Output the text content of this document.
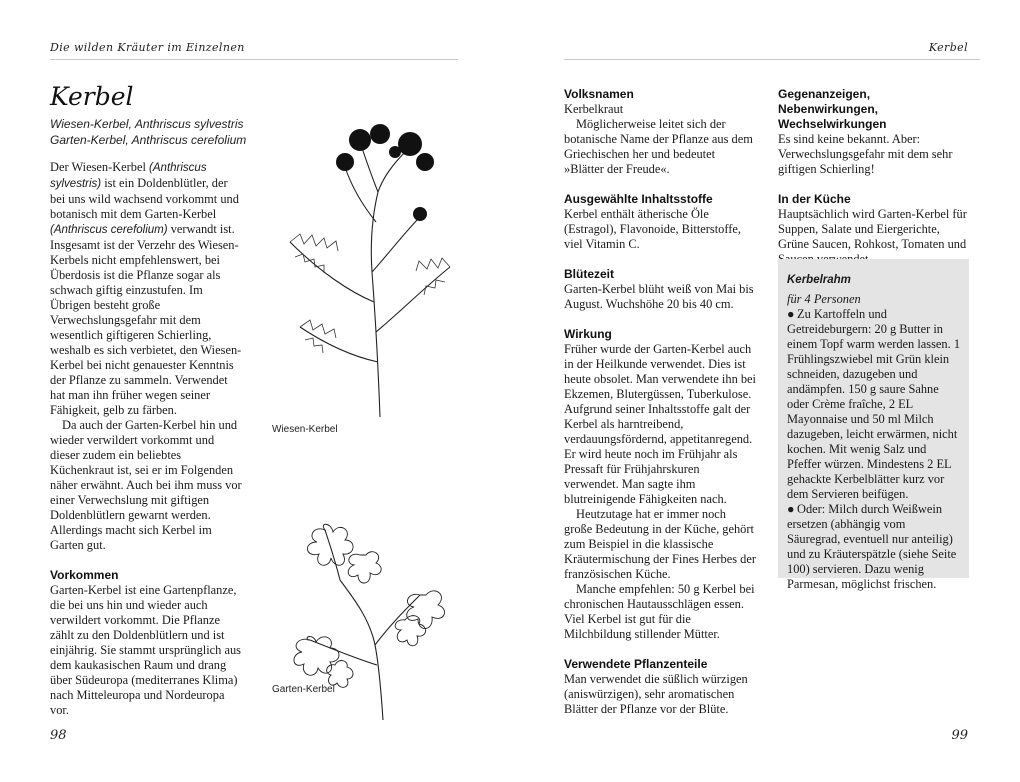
Die wilden Kräuter im Einzelnen
Kerbel
Wiesen-Kerbel, Anthriscus sylvestris
Garten-Kerbel, Anthriscus cerefolium

Der Wiesen-Kerbel (Anthriscus sylvestris) ist ein Doldenblütler, der bei uns wild wachsend vorkommt und botanisch mit dem Garten-Kerbel (Anthriscus cerefolium) verwandt ist. Insgesamt ist der Verzehr des Wiesen-Kerbels nicht empfehlenswert, bei Überdosis ist die Pflanze sogar als schwach giftig einzustufen. Im Übrigen besteht große Verwechslungsgefahr mit dem wesentlich giftigeren Schierling, weshalb es sich verbietet, den Wiesen-Kerbel bei nicht genauester Kenntnis der Pflanze zu sammeln. Verwendet hat man ihn früher wegen seiner Fähigkeit, gelb zu färben.

Da auch der Garten-Kerbel hin und wieder verwildert vorkommt und dieser zudem ein beliebtes Küchenkraut ist, sei er im Folgenden näher erwähnt. Auch bei ihm muss vor einer Verwechslung mit giftigen Doldenblütlern gewarnt werden. Allerdings macht sich Kerbel im Garten gut.

Vorkommen

Garten-Kerbel ist eine Gartenpflanze, die bei uns hin und wieder auch verwildert vorkommt. Die Pflanze zählt zu den Doldenblütlern und ist einjährig. Sie stammt ursprünglich aus dem kaukasischen Raum und drang über Südeuropa (mediterranes Klima) nach Mitteleuropa und Nordeuropa vor.

Wiesen-Kerbel
Garten-Kerbel
98
Kerbel
Volksnamen

Kerbelkraut

Möglicherweise leitet sich der botanische Name der Pflanze aus dem Griechischen her und bedeutet »Blätter der Freude«.

Ausgewählte Inhaltsstoffe

Kerbel enthält ätherische Öle (Estragol), Flavonoide, Bitterstoffe, viel Vitamin C.

Blütezeit

Garten-Kerbel blüht weiß von Mai bis August. Wuchshöhe 20 bis 40 cm.

Wirkung

Früher wurde der Garten-Kerbel auch in der Heilkunde verwendet. Dies ist heute obsolet. Man verwendete ihn bei Ekzemen, Blutergüssen, Tuberkulose. Aufgrund seiner Inhaltsstoffe galt der Kerbel als harntreibend, verdauungsfördernd, appetitanregend. Er wird heute noch im Frühjahr als Pressaft für Frühjahrskuren verwendet. Man sagte ihm blutreinigende Fähigkeiten nach.

Heutzutage hat er immer noch große Bedeutung in der Küche, gehört zum Beispiel in die klassische Kräutermischung der Fines Herbes der französischen Küche.

Manche empfehlen: 50 g Kerbel bei chronischen Hautausschlägen essen. Viel Kerbel ist gut für die Milchbildung stillender Mütter.

Verwendete Pflanzenteile

Man verwendet die süßlich würzigen (aniswürzigen), sehr aromatischen Blätter der Pflanze vor der Blüte.

Gegenanzeigen, Nebenwirkungen, Wechselwirkungen

Es sind keine bekannt. Aber: Verwechslungsgefahr mit dem sehr giftigen Schierling!

In der Küche

Hauptsächlich wird Garten-Kerbel für Suppen, Salate und Eiergerichte, Grüne Saucen, Rohkost, Tomaten und

Kerbelrahm

für 4 Personen

● Zu Kartoffeln und Getreideburgern: 20 g Butter in einem Topf warm werden lassen. 1 Frühlingszwiebel mit Grün klein schneiden, dazugeben und andämpfen. 150 g saure Sahne oder Crème fraîche, 2 EL Mayonnaise und 50 ml Milch dazugeben, leicht erwärmen, nicht kochen. Mit wenig Salz und Pfeffer würzen. Mindestens 2 EL gehackte Kerbelblätter kurz vor dem Servieren beifügen.

● Oder: Milch durch Weißwein ersetzen (abhängig vom Säuregrad, eventuell nur anteilig) und zu Kräuterspätzle (siehe Seite 100) servieren. Dazu wenig Parmesan, möglichst frischen.

99
